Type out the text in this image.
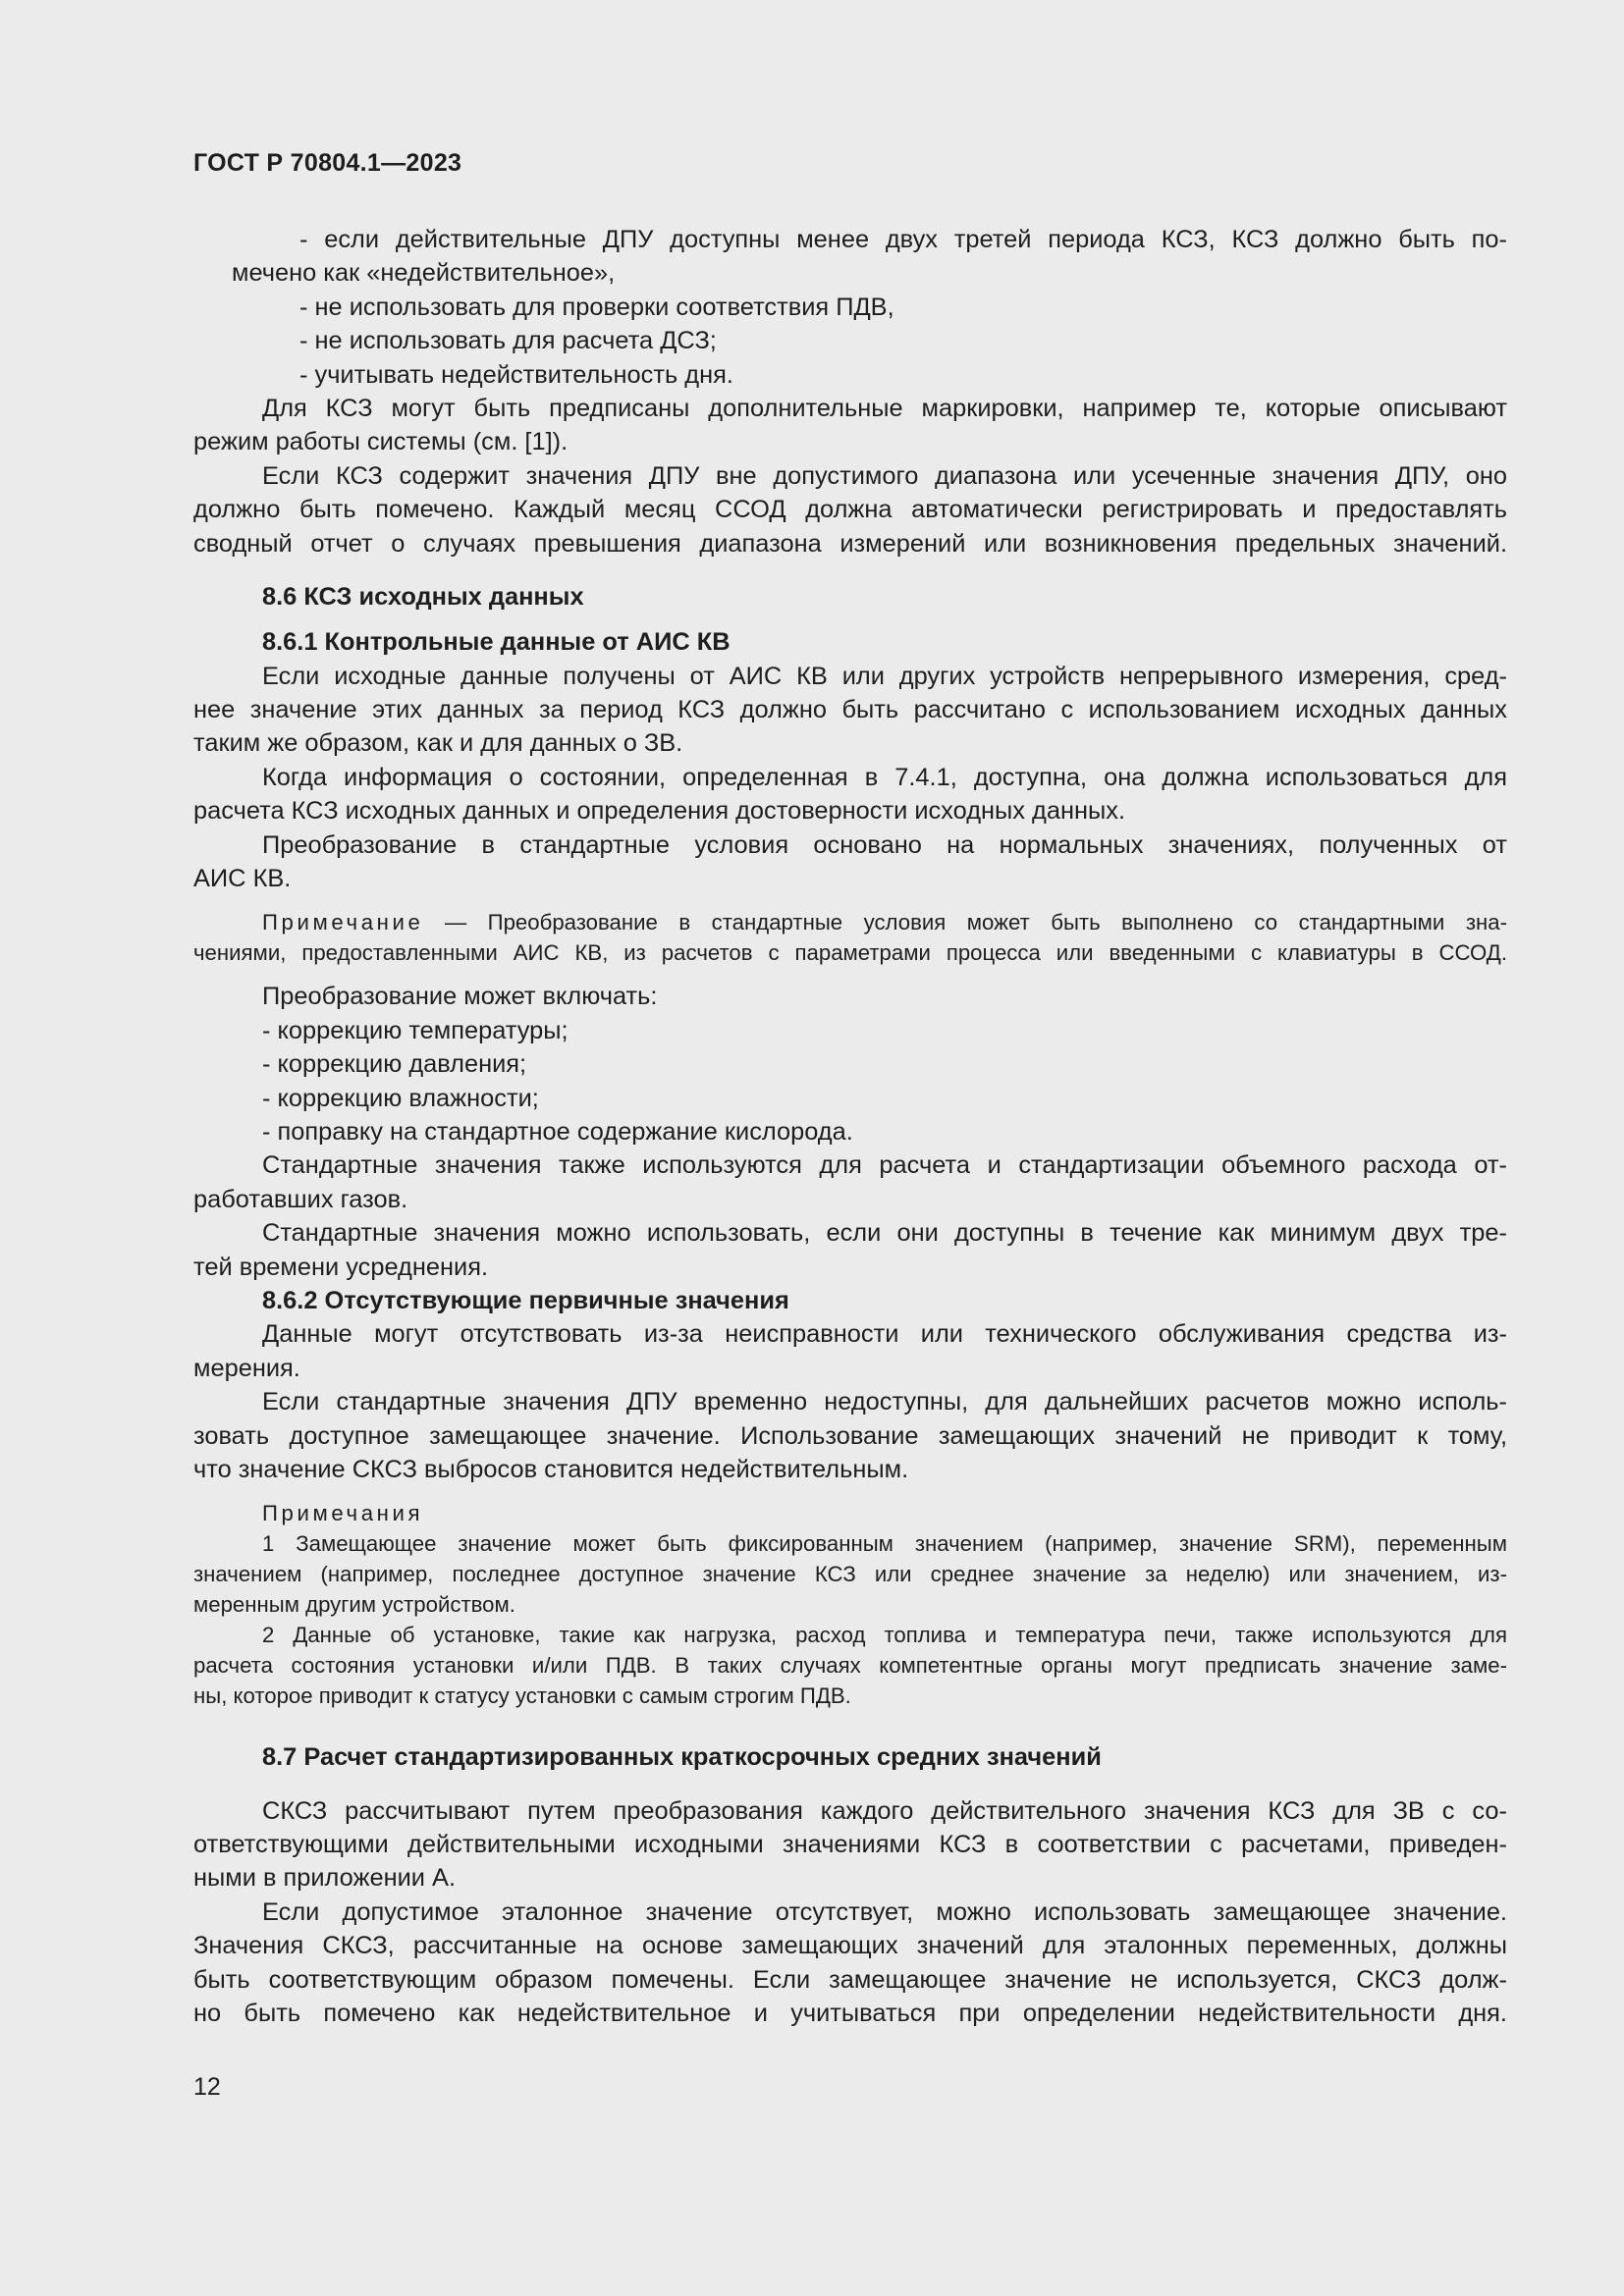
ГОСТ Р 70804.1—2023
- если действительные ДПУ доступны менее двух третей периода КСЗ, КСЗ должно быть по-
мечено как «недействительное»,
- не использовать для проверки соответствия ПДВ,
- не использовать для расчета ДСЗ;
- учитывать недействительность дня.
Для КСЗ могут быть предписаны дополнительные маркировки, например те, которые описывают
режим работы системы (см. [1]).
Если КСЗ содержит значения ДПУ вне допустимого диапазона или усеченные значения ДПУ, оно
должно быть помечено. Каждый месяц ССОД должна автоматически регистрировать и предоставлять
сводный отчет о случаях превышения диапазона измерений или возникновения предельных значений.
8.6 КСЗ исходных данных
8.6.1 Контрольные данные от АИС КВ
Если исходные данные получены от АИС КВ или других устройств непрерывного измерения, сред-
нее значение этих данных за период КСЗ должно быть рассчитано с использованием исходных данных
таким же образом, как и для данных о ЗВ.
Когда информация о состоянии, определенная в 7.4.1, доступна, она должна использоваться для
расчета КСЗ исходных данных и определения достоверности исходных данных.
Преобразование в стандартные условия основано на нормальных значениях, полученных от
АИС КВ.
Примечание — Преобразование в стандартные условия может быть выполнено со стандартными зна-
чениями, предоставленными АИС КВ, из расчетов с параметрами процесса или введенными с клавиатуры в ССОД.
Преобразование может включать:
- коррекцию температуры;
- коррекцию давления;
- коррекцию влажности;
- поправку на стандартное содержание кислорода.
Стандартные значения также используются для расчета и стандартизации объемного расхода от-
работавших газов.
Стандартные значения можно использовать, если они доступны в течение как минимум двух тре-
тей времени усреднения.
8.6.2 Отсутствующие первичные значения
Данные могут отсутствовать из-за неисправности или технического обслуживания средства из-
мерения.
Если стандартные значения ДПУ временно недоступны, для дальнейших расчетов можно исполь-
зовать доступное замещающее значение. Использование замещающих значений не приводит к тому,
что значение СКСЗ выбросов становится недействительным.
Примечания
1 Замещающее значение может быть фиксированным значением (например, значение SRM), переменным
значением (например, последнее доступное значение КСЗ или среднее значение за неделю) или значением, из-
меренным другим устройством.
2 Данные об установке, такие как нагрузка, расход топлива и температура печи, также используются для
расчета состояния установки и/или ПДВ. В таких случаях компетентные органы могут предписать значение заме-
ны, которое приводит к статусу установки с самым строгим ПДВ.
8.7 Расчет стандартизированных краткосрочных средних значений
СКСЗ рассчитывают путем преобразования каждого действительного значения КСЗ для ЗВ с со-
ответствующими действительными исходными значениями КСЗ в соответствии с расчетами, приведен-
ными в приложении А.
Если допустимое эталонное значение отсутствует, можно использовать замещающее значение.
Значения СКСЗ, рассчитанные на основе замещающих значений для эталонных переменных, должны
быть соответствующим образом помечены. Если замещающее значение не используется, СКСЗ долж-
но быть помечено как недействительное и учитываться при определении недействительности дня.
12
